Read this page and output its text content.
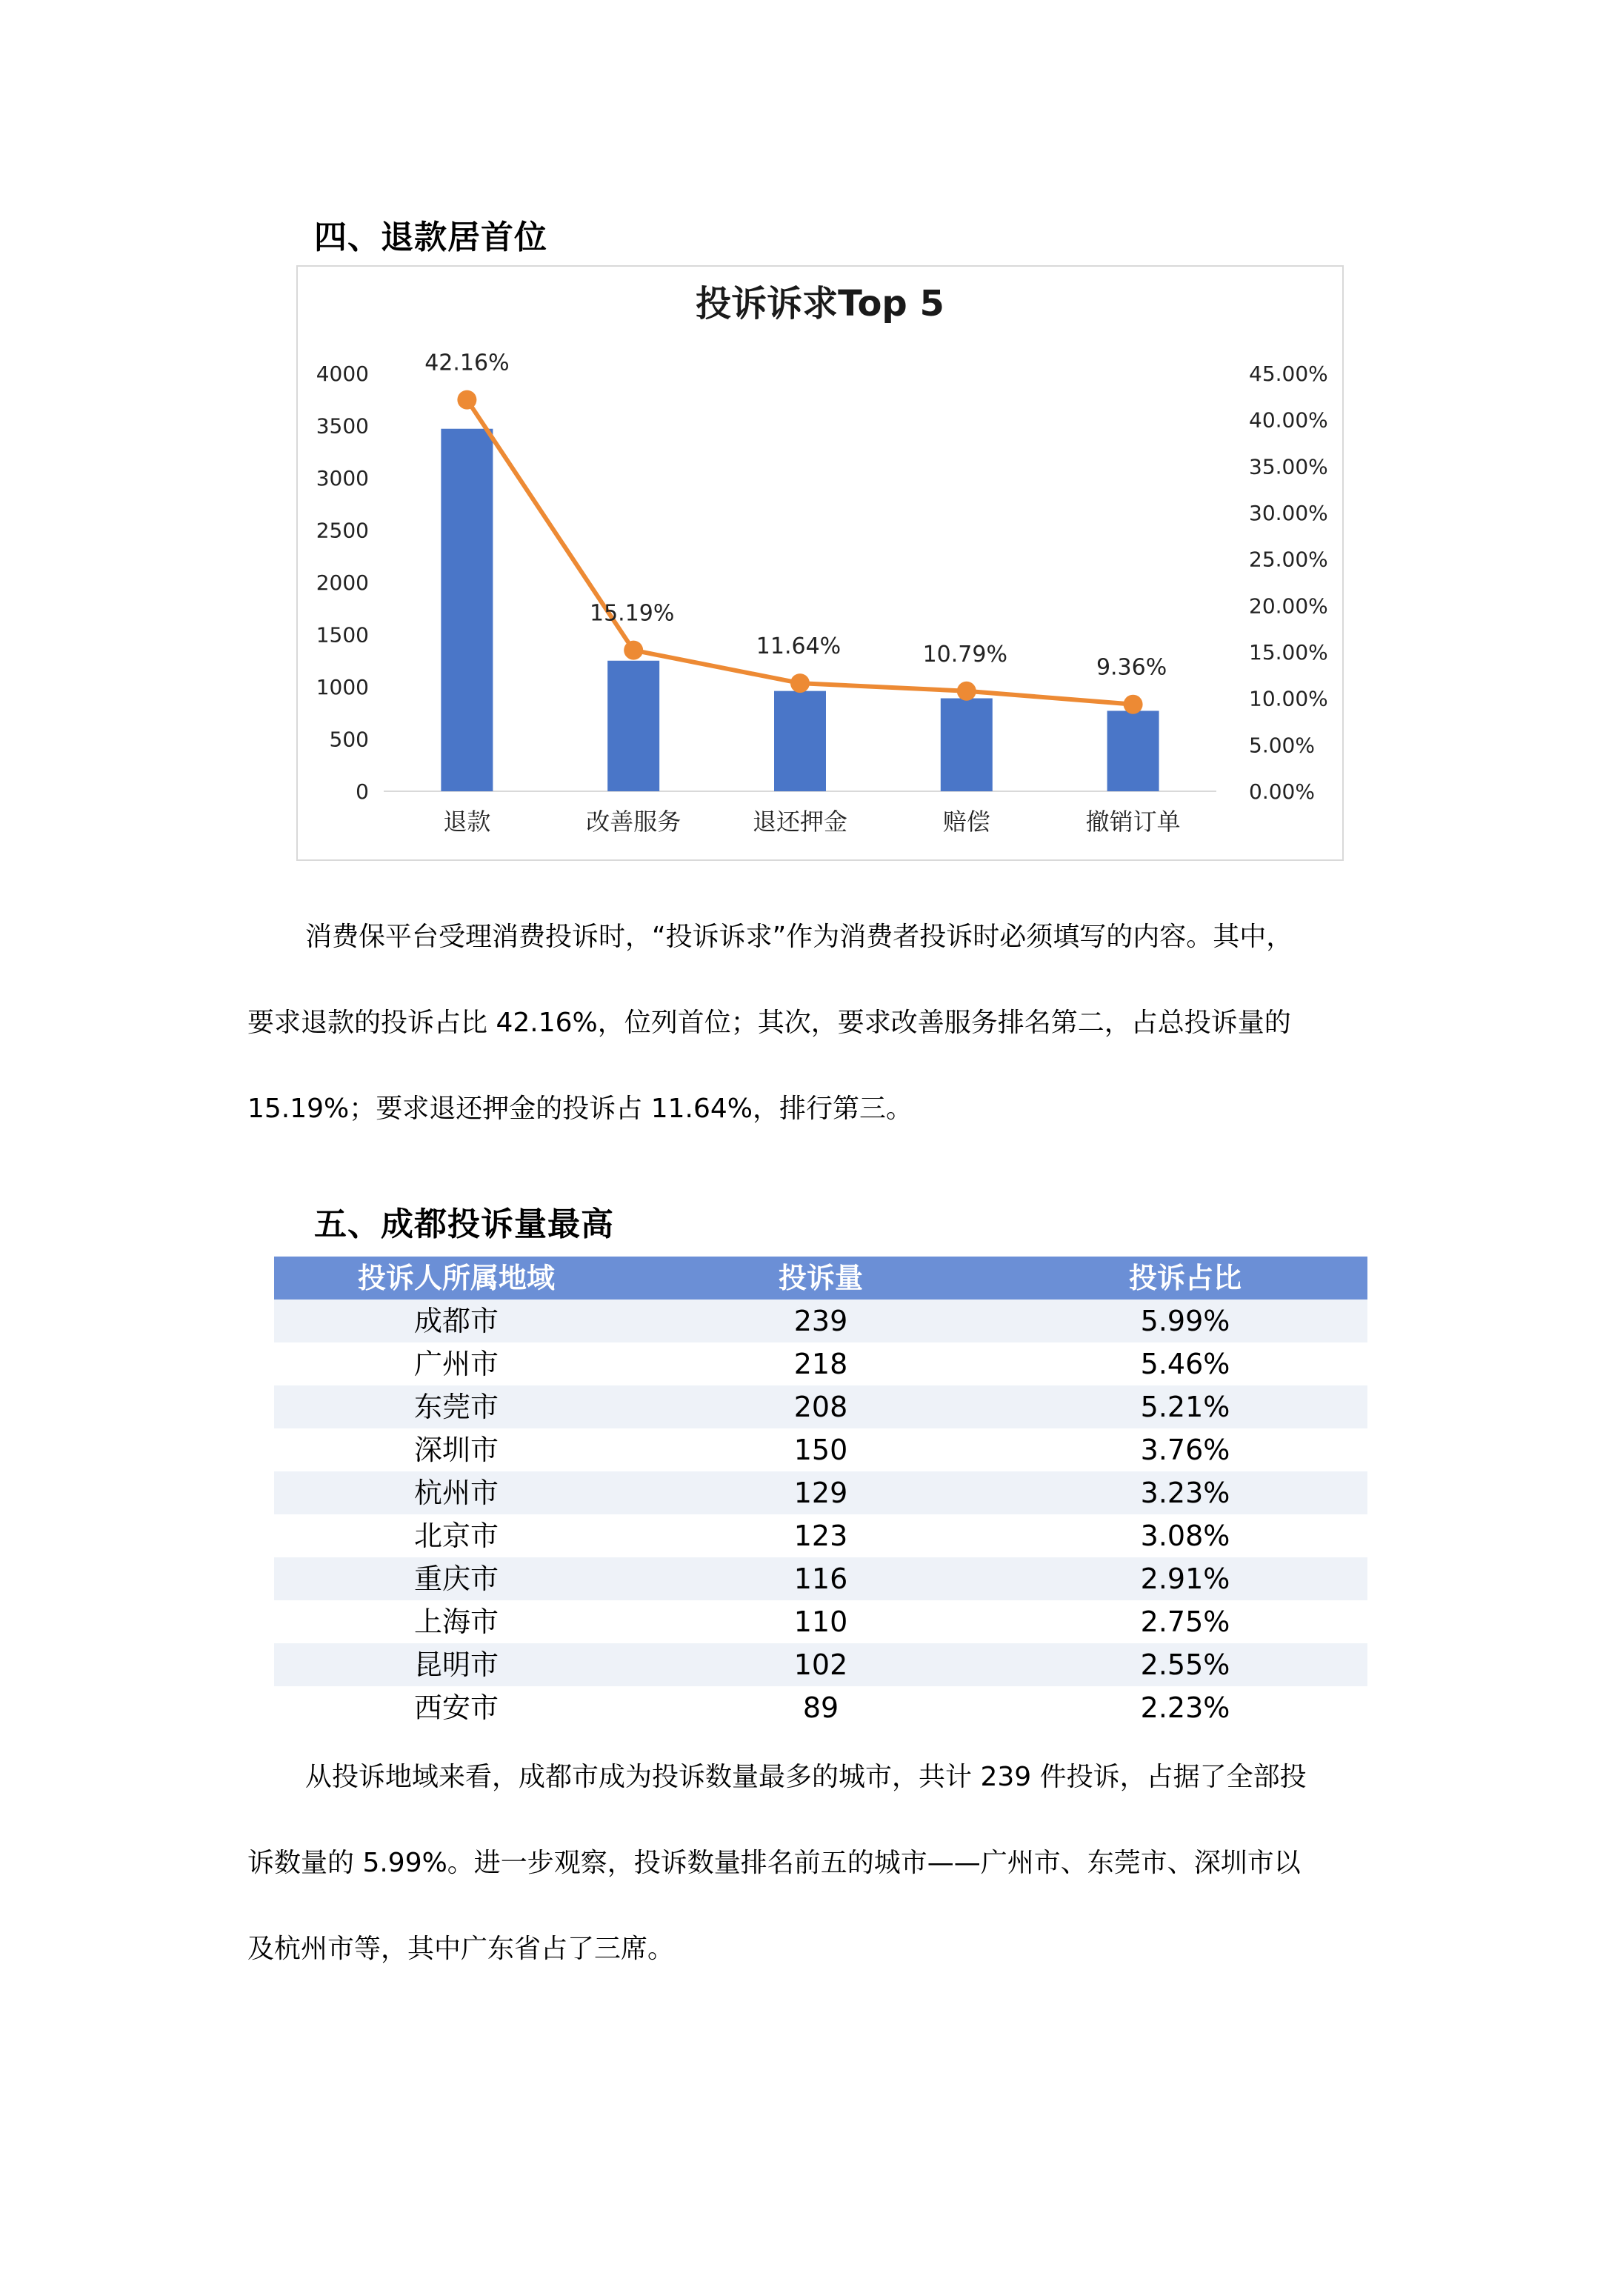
四、退款居首位
投诉诉求Top 5
0
500
1000
1500
2000
2500
3000
3500
4000
0.00%
5.00%
10.00%
15.00%
20.00%
25.00%
30.00%
35.00%
40.00%
45.00%
退款	改善服务	退还押金	赔偿	撤销订单
42.16%
15.19%
11.64%	10.79%
9.36%
消费保平台受理消费投诉时，“投诉诉求”作为消费者投诉时必须填写的内容。其中，
要求退款的投诉占比 42.16%，位列首位；其次，要求改善服务排名第二，占总投诉量的
15.19%；要求退还押金的投诉占 11.64%，排行第三。
五、成都投诉量最高
投诉人所属地域	投诉量	投诉占比
成都市	239	5.99%
广州市	218	5.46%
东莞市	208	5.21%
深圳市	150	3.76%
杭州市	129	3.23%
北京市	123	3.08%
重庆市	116	2.91%
上海市	110	2.75%
昆明市	102	2.55%
西安市	89	2.23%
从投诉地域来看，成都市成为投诉数量最多的城市，共计 239 件投诉，占据了全部投
诉数量的 5.99%。进一步观察，投诉数量排名前五的城市——广州市、东莞市、深圳市以
及杭州市等，其中广东省占了三席。
